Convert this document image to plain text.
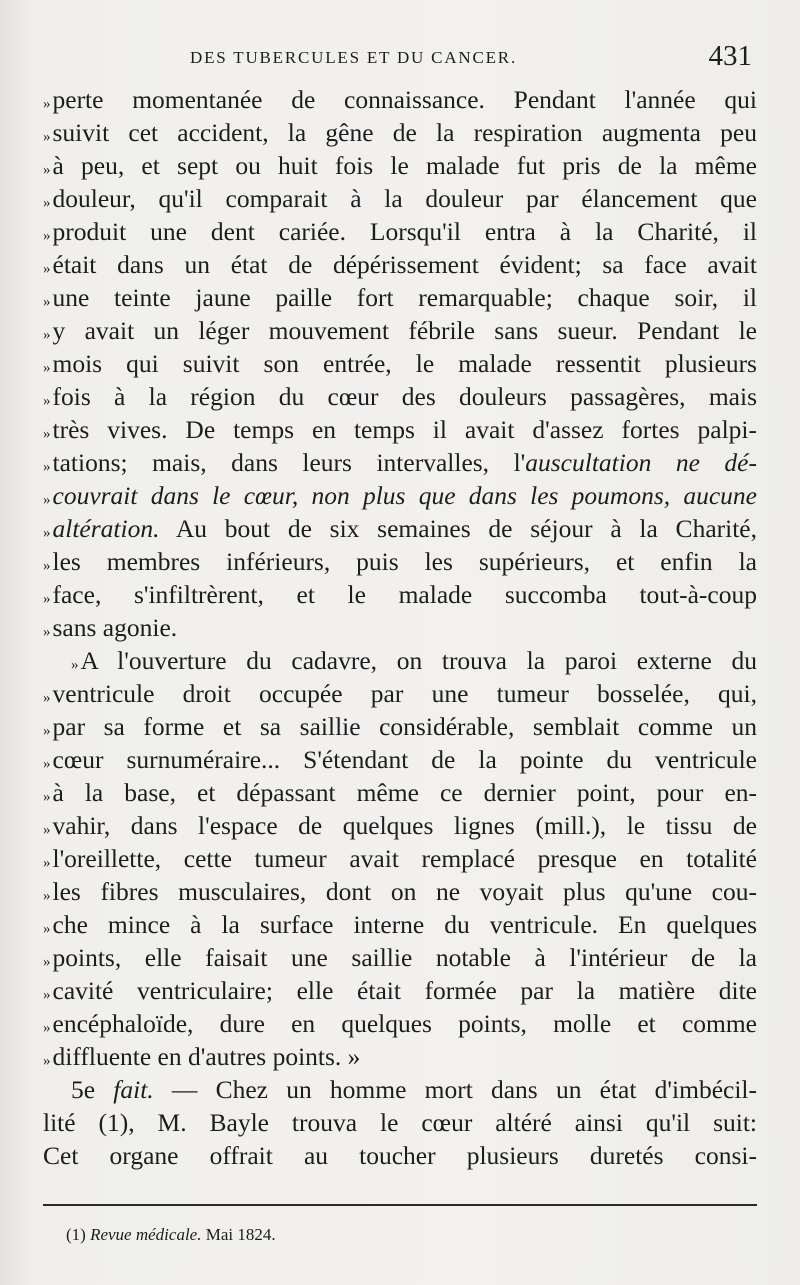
DES TUBERCULES ET DU CANCER.	431
»perte momentanée de connaissance. Pendant l'année qui
»suivit cet accident, la gêne de la respiration augmenta peu
»à peu, et sept ou huit fois le malade fut pris de la même
»douleur, qu'il comparait à la douleur par élancement que
»produit une dent cariée. Lorsqu'il entra à la Charité, il
»était dans un état de dépérissement évident; sa face avait
»une teinte jaune paille fort remarquable; chaque soir, il
»y avait un léger mouvement fébrile sans sueur. Pendant le
»mois qui suivit son entrée, le malade ressentit plusieurs
»fois à la région du cœur des douleurs passagères, mais
»très vives. De temps en temps il avait d'assez fortes palpi-
»tations; mais, dans leurs intervalles, l'auscultation ne dé-
»couvrait dans le cœur, non plus que dans les poumons, aucune
»altération. Au bout de six semaines de séjour à la Charité,
»les membres inférieurs, puis les supérieurs, et enfin la
»face, s'infiltrèrent, et le malade succomba tout-à-coup
»sans agonie.
»A l'ouverture du cadavre, on trouva la paroi externe du
»ventricule droit occupée par une tumeur bosselée, qui,
»par sa forme et sa saillie considérable, semblait comme un
»cœur surnuméraire... S'étendant de la pointe du ventricule
»à la base, et dépassant même ce dernier point, pour en-
»vahir, dans l'espace de quelques lignes (mill.), le tissu de
»l'oreillette, cette tumeur avait remplacé presque en totalité
»les fibres musculaires, dont on ne voyait plus qu'une cou-
»che mince à la surface interne du ventricule. En quelques
»points, elle faisait une saillie notable à l'intérieur de la
»cavité ventriculaire; elle était formée par la matière dite
»encéphaloïde, dure en quelques points, molle et comme
»diffluente en d'autres points. »
5e fait. — Chez un homme mort dans un état d'imbécil-
lité (1), M. Bayle trouva le cœur altéré ainsi qu'il suit:
Cet organe offrait au toucher plusieurs duretés consi-
(1) Revue médicale. Mai 1824.
